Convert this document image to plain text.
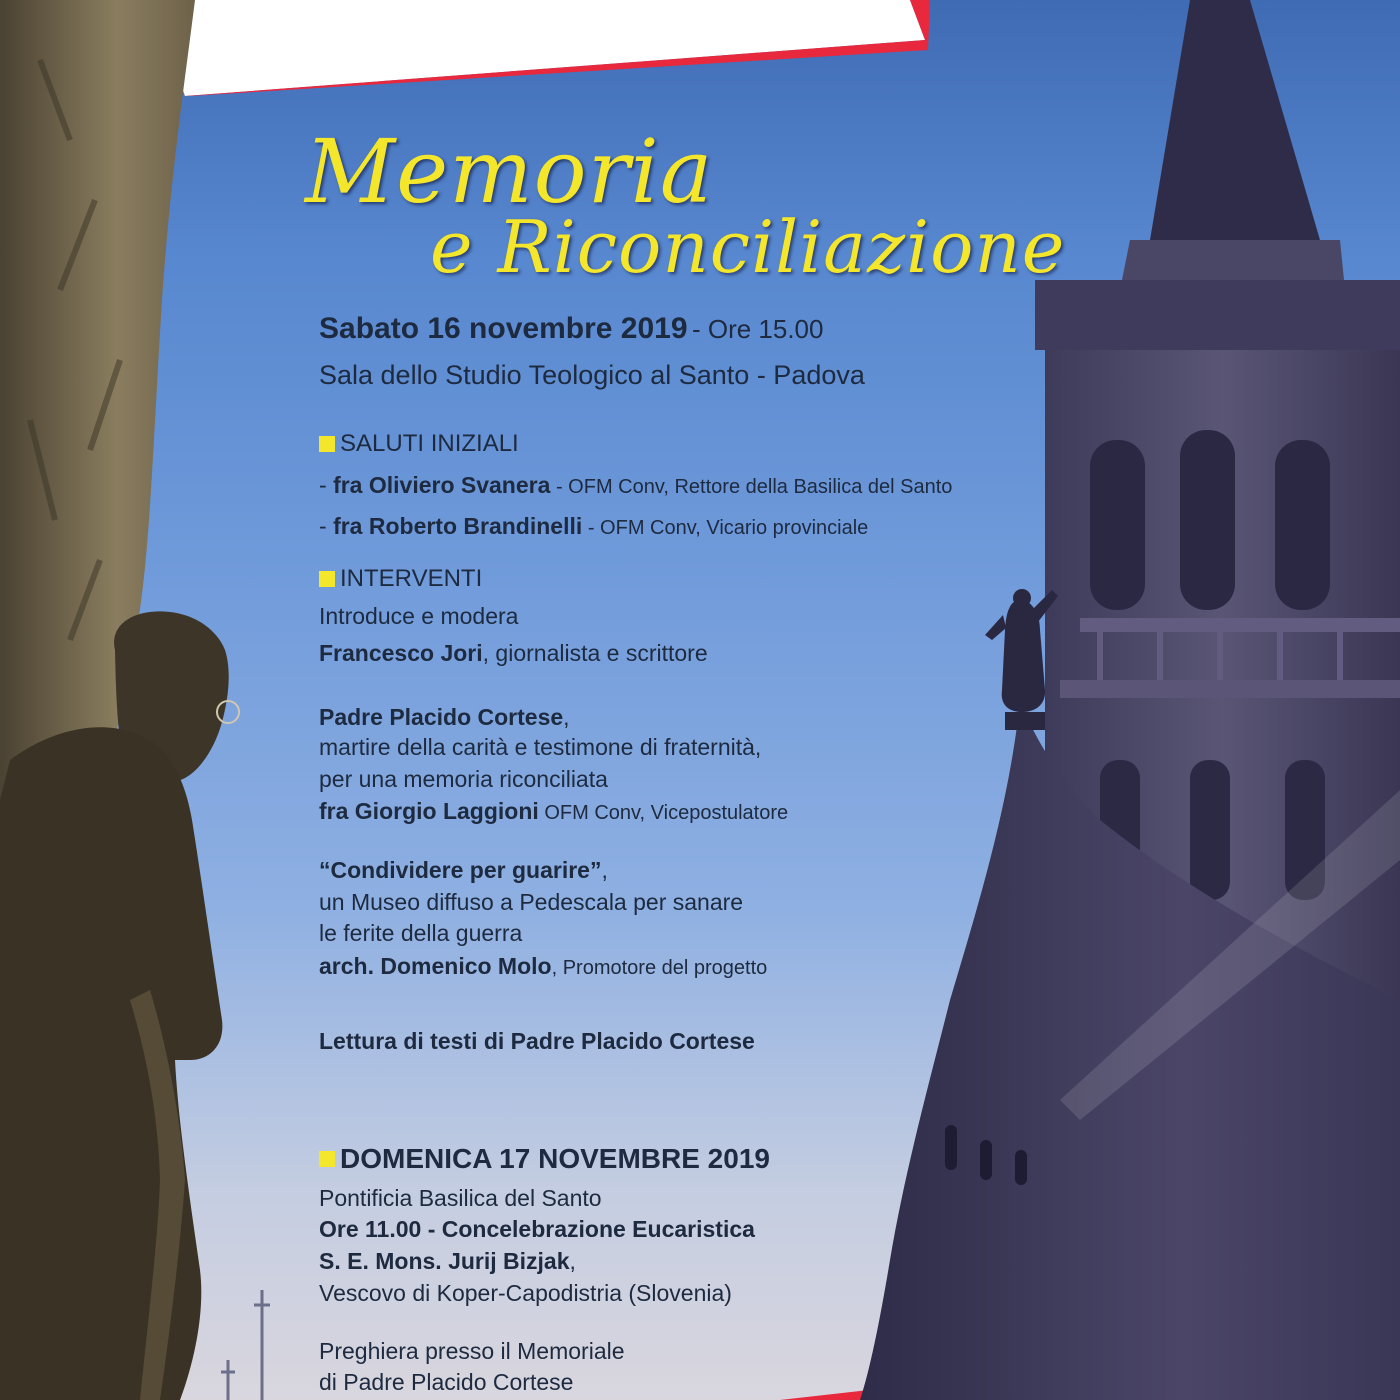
Memoria
e Riconciliazione
Sabato 16 novembre 2019 - Ore 15.00
Sala dello Studio Teologico al Santo - Padova
SALUTI INIZIALI
- fra Oliviero Svanera - OFM Conv, Rettore della Basilica del Santo
- fra Roberto Brandinelli - OFM Conv, Vicario provinciale
INTERVENTI
Introduce e modera
Francesco Jori, giornalista e scrittore
Padre Placido Cortese,
martire della carità e testimone di fraternità,
per una memoria riconciliata
fra Giorgio Laggioni OFM Conv, Vicepostulatore
“Condividere per guarire”,
un Museo diffuso a Pedescala per sanare
le ferite della guerra
arch. Domenico Molo, Promotore del progetto
Lettura di testi di Padre Placido Cortese
DOMENICA 17 NOVEMBRE 2019
Pontificia Basilica del Santo
Ore 11.00 - Concelebrazione Eucaristica
S. E. Mons. Jurij Bizjak,
Vescovo di Koper-Capodistria (Slovenia)
Preghiera presso il Memoriale
di Padre Placido Cortese
